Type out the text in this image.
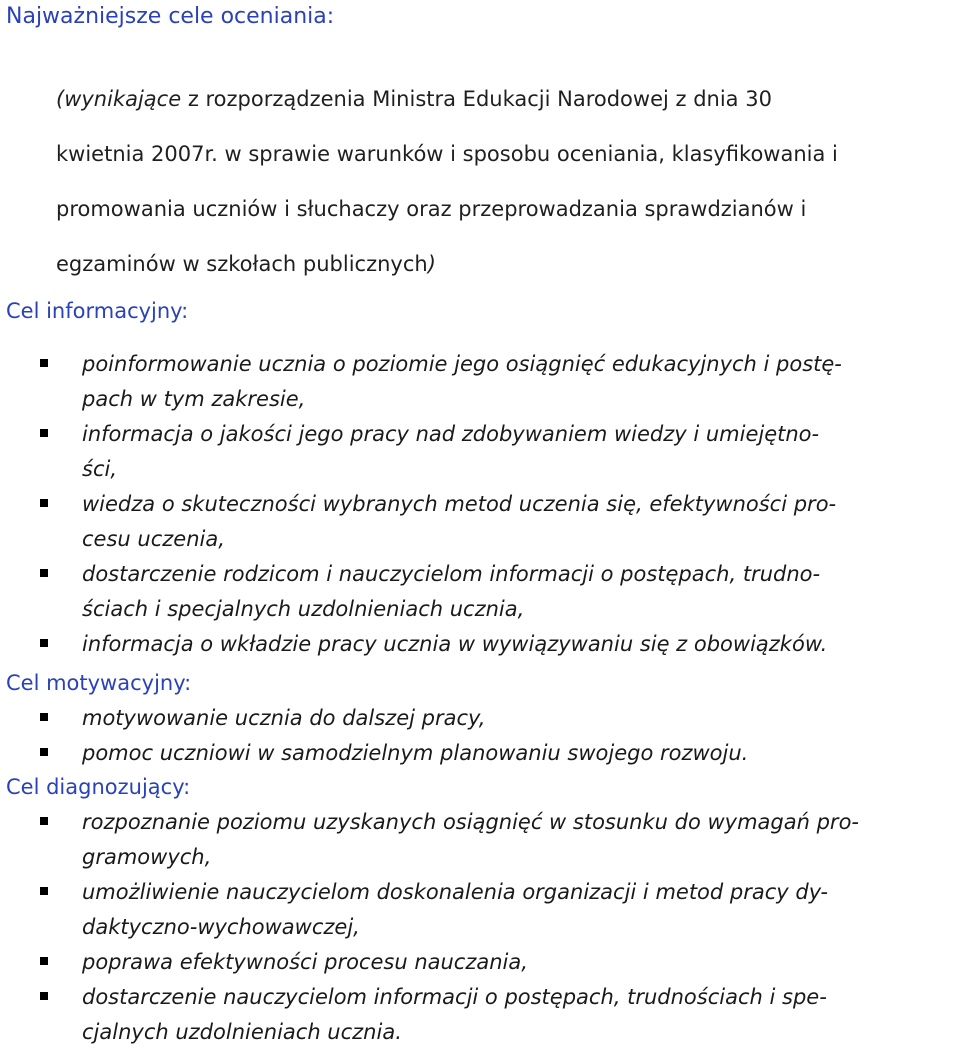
Najważniejsze cele oceniania:

(wynikające z rozporządzenia Ministra Edukacji Narodowej z dnia 30
kwietnia 2007r. w sprawie warunków i sposobu oceniania, klasyfikowania i
promowania uczniów i słuchaczy oraz przeprowadzania sprawdzianów i
egzaminów w szkołach publicznych)

Cel informacyjny:
poinformowanie ucznia o poziomie jego osiągnięć edukacyjnych i postę-
pach w tym zakresie,
informacja o jakości jego pracy nad zdobywaniem wiedzy i umiejętno-
ści,
wiedza o skuteczności wybranych metod uczenia się, efektywności pro-
cesu uczenia,
dostarczenie rodzicom i nauczycielom informacji o postępach, trudno-
ściach i specjalnych uzdolnieniach ucznia,
informacja o wkładzie pracy ucznia w wywiązywaniu się z obowiązków.
Cel motywacyjny:
motywowanie ucznia do dalszej pracy,
pomoc uczniowi w samodzielnym planowaniu swojego rozwoju.
Cel diagnozujący:
rozpoznanie poziomu uzyskanych osiągnięć w stosunku do wymagań pro-
gramowych,
umożliwienie nauczycielom doskonalenia organizacji i metod pracy dy-
daktyczno-wychowawczej,
poprawa efektywności procesu nauczania,
dostarczenie nauczycielom informacji o postępach, trudnościach i spe-
cjalnych uzdolnieniach ucznia.
